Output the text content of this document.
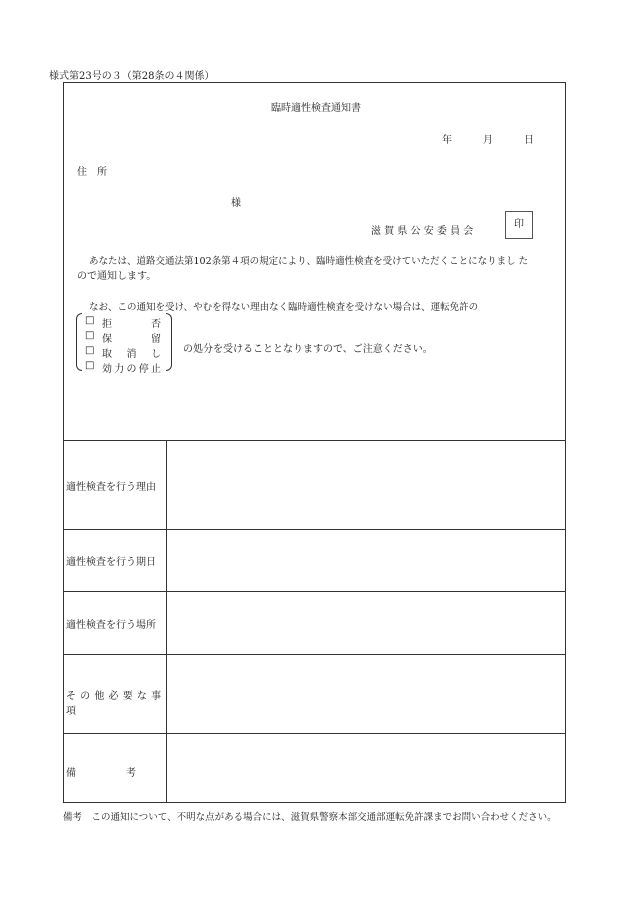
様式第23号の３（第28条の４関係）
臨時適性検査通知書
年	月	日
住　所
様
滋 賀 県 公 安 委 員 会
印
あなたは、道路交通法第102条第４項の規定により、臨時適性検査を受けていただくことになりまし た
ので通知します。
なお、この通知を受け、やむを得ない理由なく臨時適性検査を受けない場合は、運転免許の
□ 拒　否
□ 保　留
□ 取 消 し
□ 効力の停止
の処分を受けることとなりますので、ご注意ください。
適性検査を行う理由
適性検査を行う期日
適性検査を行う場所
そ の 他 必 要 な 事 項
備　　　　　考
備考　この通知について、不明な点がある場合には、滋賀県警察本部交通部運転免許課までお問い合わせください。
